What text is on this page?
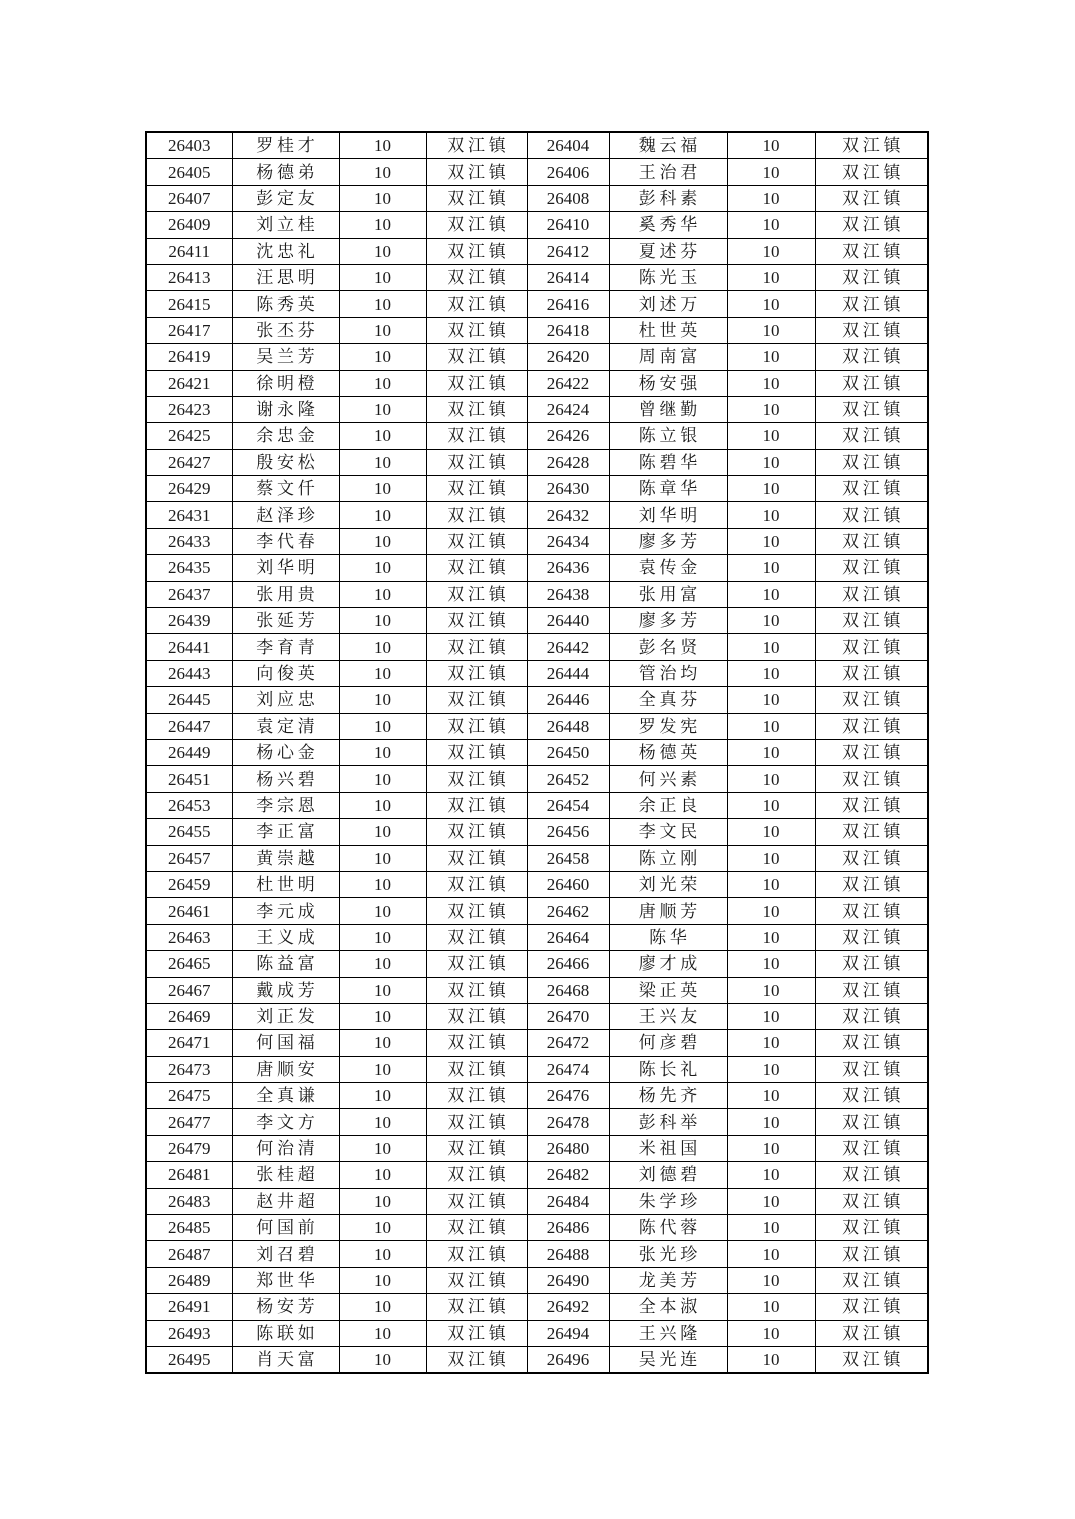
26403	罗桂才	10	双江镇	26404	魏云福	10	双江镇
26405	杨德弟	10	双江镇	26406	王治君	10	双江镇
26407	彭定友	10	双江镇	26408	彭科素	10	双江镇
26409	刘立桂	10	双江镇	26410	奚秀华	10	双江镇
26411	沈忠礼	10	双江镇	26412	夏述芬	10	双江镇
26413	汪思明	10	双江镇	26414	陈光玉	10	双江镇
26415	陈秀英	10	双江镇	26416	刘述万	10	双江镇
26417	张丕芬	10	双江镇	26418	杜世英	10	双江镇
26419	吴兰芳	10	双江镇	26420	周南富	10	双江镇
26421	徐明橙	10	双江镇	26422	杨安强	10	双江镇
26423	谢永隆	10	双江镇	26424	曾继勤	10	双江镇
26425	余忠金	10	双江镇	26426	陈立银	10	双江镇
26427	殷安松	10	双江镇	26428	陈碧华	10	双江镇
26429	蔡文仟	10	双江镇	26430	陈章华	10	双江镇
26431	赵泽珍	10	双江镇	26432	刘华明	10	双江镇
26433	李代春	10	双江镇	26434	廖多芳	10	双江镇
26435	刘华明	10	双江镇	26436	袁传金	10	双江镇
26437	张用贵	10	双江镇	26438	张用富	10	双江镇
26439	张延芳	10	双江镇	26440	廖多芳	10	双江镇
26441	李育青	10	双江镇	26442	彭名贤	10	双江镇
26443	向俊英	10	双江镇	26444	管治均	10	双江镇
26445	刘应忠	10	双江镇	26446	全真芬	10	双江镇
26447	袁定清	10	双江镇	26448	罗发宪	10	双江镇
26449	杨心金	10	双江镇	26450	杨德英	10	双江镇
26451	杨兴碧	10	双江镇	26452	何兴素	10	双江镇
26453	李宗恩	10	双江镇	26454	余正良	10	双江镇
26455	李正富	10	双江镇	26456	李文民	10	双江镇
26457	黄崇越	10	双江镇	26458	陈立刚	10	双江镇
26459	杜世明	10	双江镇	26460	刘光荣	10	双江镇
26461	李元成	10	双江镇	26462	唐顺芳	10	双江镇
26463	王义成	10	双江镇	26464	陈华	10	双江镇
26465	陈益富	10	双江镇	26466	廖才成	10	双江镇
26467	戴成芳	10	双江镇	26468	梁正英	10	双江镇
26469	刘正发	10	双江镇	26470	王兴友	10	双江镇
26471	何国福	10	双江镇	26472	何彦碧	10	双江镇
26473	唐顺安	10	双江镇	26474	陈长礼	10	双江镇
26475	全真谦	10	双江镇	26476	杨先齐	10	双江镇
26477	李文方	10	双江镇	26478	彭科举	10	双江镇
26479	何治清	10	双江镇	26480	米祖国	10	双江镇
26481	张桂超	10	双江镇	26482	刘德碧	10	双江镇
26483	赵井超	10	双江镇	26484	朱学珍	10	双江镇
26485	何国前	10	双江镇	26486	陈代蓉	10	双江镇
26487	刘召碧	10	双江镇	26488	张光珍	10	双江镇
26489	郑世华	10	双江镇	26490	龙美芳	10	双江镇
26491	杨安芳	10	双江镇	26492	全本淑	10	双江镇
26493	陈联如	10	双江镇	26494	王兴隆	10	双江镇
26495	肖天富	10	双江镇	26496	吴光连	10	双江镇
